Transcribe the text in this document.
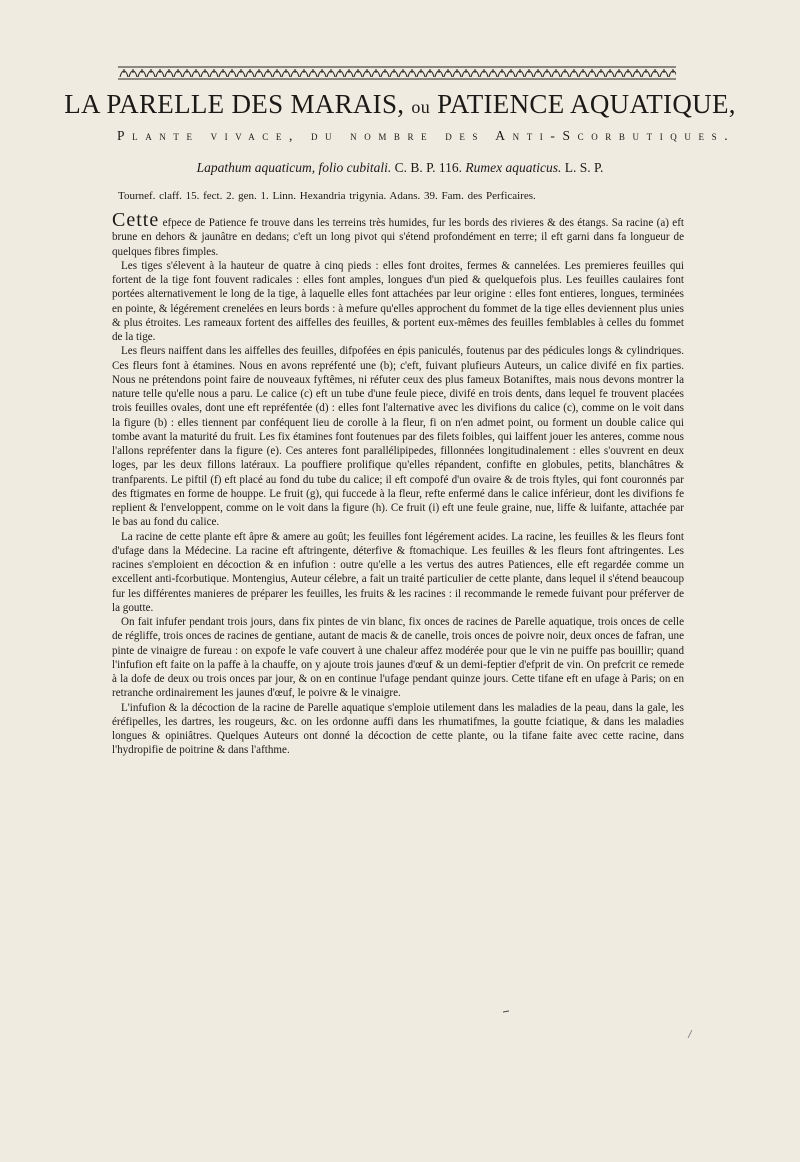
LA PARELLE DES MARAIS, ou PATIENCE AQUATIQUE,
Plante vivace, du nombre des Anti-Scorbutiques.
Lapathum aquaticum, folio cubitali. C. B. P. 116. Rumex aquaticus. L. S. P.
Tournef. claff. 15. fect. 2. gen. 1. Linn. Hexandria trigynia. Adans. 39. Fam. des Perficaires.

Cette efpece de Patience fe trouve dans les terreins très humides, fur les bords des rivieres & des étangs. Sa racine (a) eft brune en dehors & jaunâtre en dedans; c'eft un long pivot qui s'étend profondément en terre; il eft garni dans fa longueur de quelques fibres fimples.

Les tiges s'élevent à la hauteur de quatre à cinq pieds : elles font droites, fermes & cannelées. Les premieres feuilles qui fortent de la tige font fouvent radicales : elles font amples, longues d'un pied & quelquefois plus. Les feuilles caulaires font portées alternativement le long de la tige, à laquelle elles font attachées par leur origine : elles font entieres, longues, terminées en pointe, & légérement crenelées en leurs bords : à mefure qu'elles approchent du fommet de la tige elles deviennent plus unies & plus étroites. Les rameaux fortent des aiffelles des feuilles, & portent eux-mêmes des feuilles femblables à celles du fommet de la tige.

Les fleurs naiffent dans les aiffelles des feuilles, difpofées en épis paniculés, foutenus par des pédicules longs & cylindriques. Ces fleurs font à étamines. Nous en avons repréfenté une (b); c'eft, fuivant plufieurs Auteurs, un calice divifé en fix parties. Nous ne prétendons point faire de nouveaux fyftêmes, ni réfuter ceux des plus fameux Botaniftes, mais nous devons montrer la nature telle qu'elle nous a paru. Le calice (c) eft un tube d'une feule piece, divifé en trois dents, dans lequel fe trouvent placées trois feuilles ovales, dont une eft repréfentée (d) : elles font l'alternative avec les divifions du calice (c), comme on le voit dans la figure (b) : elles tiennent par conféquent lieu de corolle à la fleur, fi on n'en admet point, ou forment un double calice qui tombe avant la maturité du fruit. Les fix étamines font foutenues par des filets foibles, qui laiffent jouer les anteres, comme nous l'allons repréfenter dans la figure (e). Ces anteres font parallélipipedes, fillonnées longitudinalement : elles s'ouvrent en deux loges, par les deux fillons latéraux. La pouffiere prolifique qu'elles répandent, confifte en globules, petits, blanchâtres & tranfparents. Le piftil (f) eft placé au fond du tube du calice; il eft compofé d'un ovaire & de trois ftyles, qui font couronnés par des ftigmates en forme de houppe. Le fruit (g), qui fuccede à la fleur, refte enfermé dans le calice inférieur, dont les divifions fe replient & l'enveloppent, comme on le voit dans la figure (h). Ce fruit (i) eft une feule graine, nue, liffe & luifante, attachée par le bas au fond du calice.

La racine de cette plante eft âpre & amere au goût; les feuilles font légérement acides. La racine, les feuilles & les fleurs font d'ufage dans la Médecine. La racine eft aftringente, déterfive & ftomachique. Les feuilles & les fleurs font aftringentes. Les racines s'emploient en décoction & en infufion : outre qu'elle a les vertus des autres Patiences, elle eft regardée comme un excellent anti-fcorbutique. Montengius, Auteur célebre, a fait un traité particulier de cette plante, dans lequel il s'étend beaucoup fur les différentes manieres de préparer les feuilles, les fruits & les racines : il recommande le remede fuivant pour préferver de la goutte.

On fait infufer pendant trois jours, dans fix pintes de vin blanc, fix onces de racines de Parelle aquatique, trois onces de celle de régliffe, trois onces de racines de gentiane, autant de macis & de canelle, trois onces de poivre noir, deux onces de fafran, une pinte de vinaigre de fureau : on expofe le vafe couvert à une chaleur affez modérée pour que le vin ne puiffe pas bouillir; quand l'infufion eft faite on la paffe à la chauffe, on y ajoute trois jaunes d'œuf & un demi-feptier d'efprit de vin. On prefcrit ce remede à la dofe de deux ou trois onces par jour, & on en continue l'ufage pendant quinze jours. Cette tifane eft en ufage à Paris; on en retranche ordinairement les jaunes d'œuf, le poivre & le vinaigre.

L'infufion & la décoction de la racine de Parelle aquatique s'emploie utilement dans les maladies de la peau, dans la gale, les éréfipelles, les dartres, les rougeurs, &c. on les ordonne auffi dans les rhumatifmes, la goutte fciatique, & dans les maladies longues & opiniâtres. Quelques Auteurs ont donné la décoction de cette plante, ou la tifane faite avec cette racine, dans l'hydropifie de poitrine & dans l'afthme.
